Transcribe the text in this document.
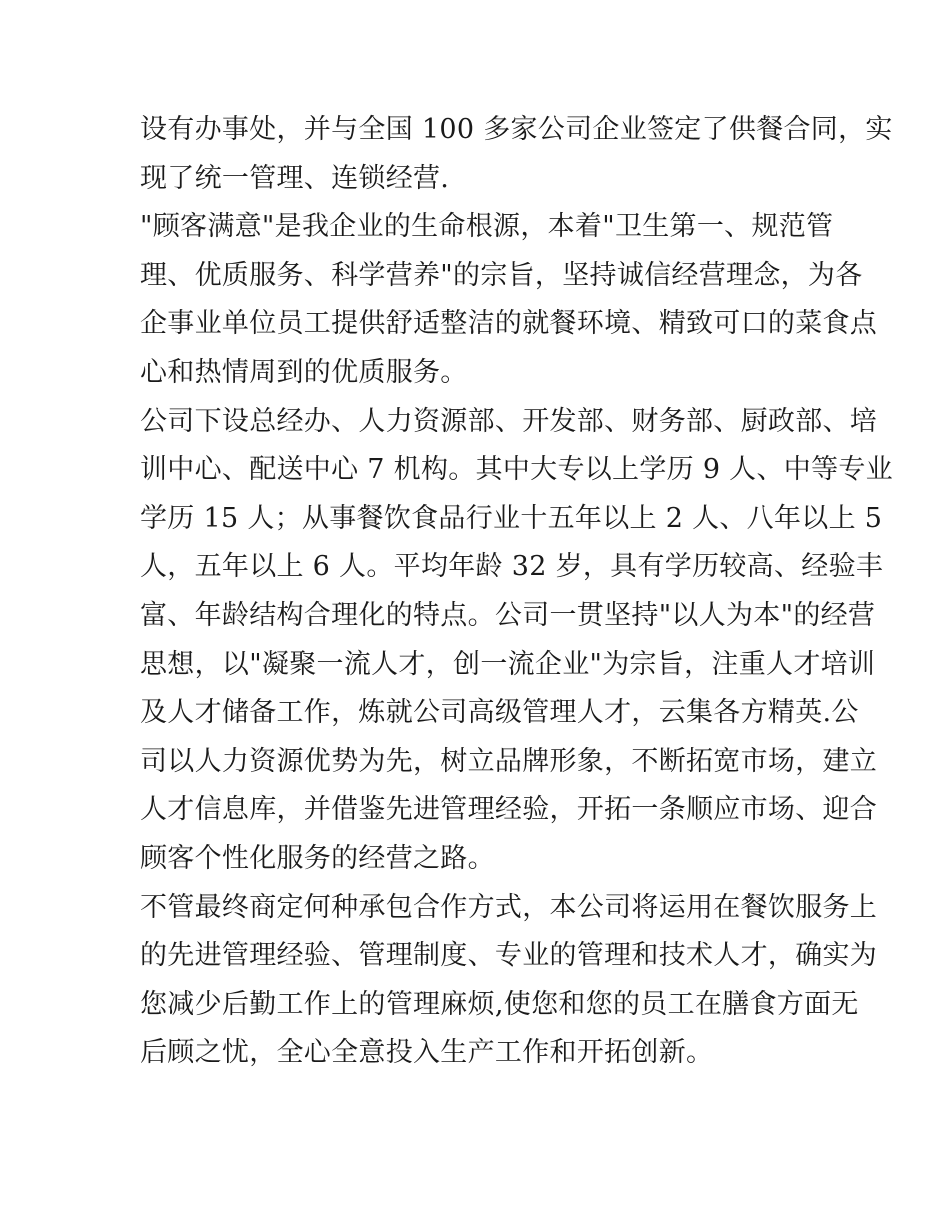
设有办事处，并与全国 100 多家公司企业签定了供餐合同，实
现了统一管理、连锁经营.
"顾客满意"是我企业的生命根源，本着"卫生第一、规范管
理、优质服务、科学营养"的宗旨，坚持诚信经营理念，为各
企事业单位员工提供舒适整洁的就餐环境、精致可口的菜食点
心和热情周到的优质服务。
公司下设总经办、人力资源部、开发部、财务部、厨政部、培
训中心、配送中心 7 机构。其中大专以上学历 9 人、中等专业
学历 15 人；从事餐饮食品行业十五年以上 2 人、八年以上 5
人，五年以上 6 人。平均年龄 32 岁，具有学历较高、经验丰
富、年龄结构合理化的特点。公司一贯坚持"以人为本"的经营
思想，以"凝聚一流人才，创一流企业"为宗旨，注重人才培训
及人才储备工作，炼就公司高级管理人才，云集各方精英.公
司以人力资源优势为先，树立品牌形象，不断拓宽市场，建立
人才信息库，并借鉴先进管理经验，开拓一条顺应市场、迎合
顾客个性化服务的经营之路。
不管最终商定何种承包合作方式，本公司将运用在餐饮服务上
的先进管理经验、管理制度、专业的管理和技术人才，确实为
您减少后勤工作上的管理麻烦,使您和您的员工在膳食方面无
后顾之忧，全心全意投入生产工作和开拓创新。
